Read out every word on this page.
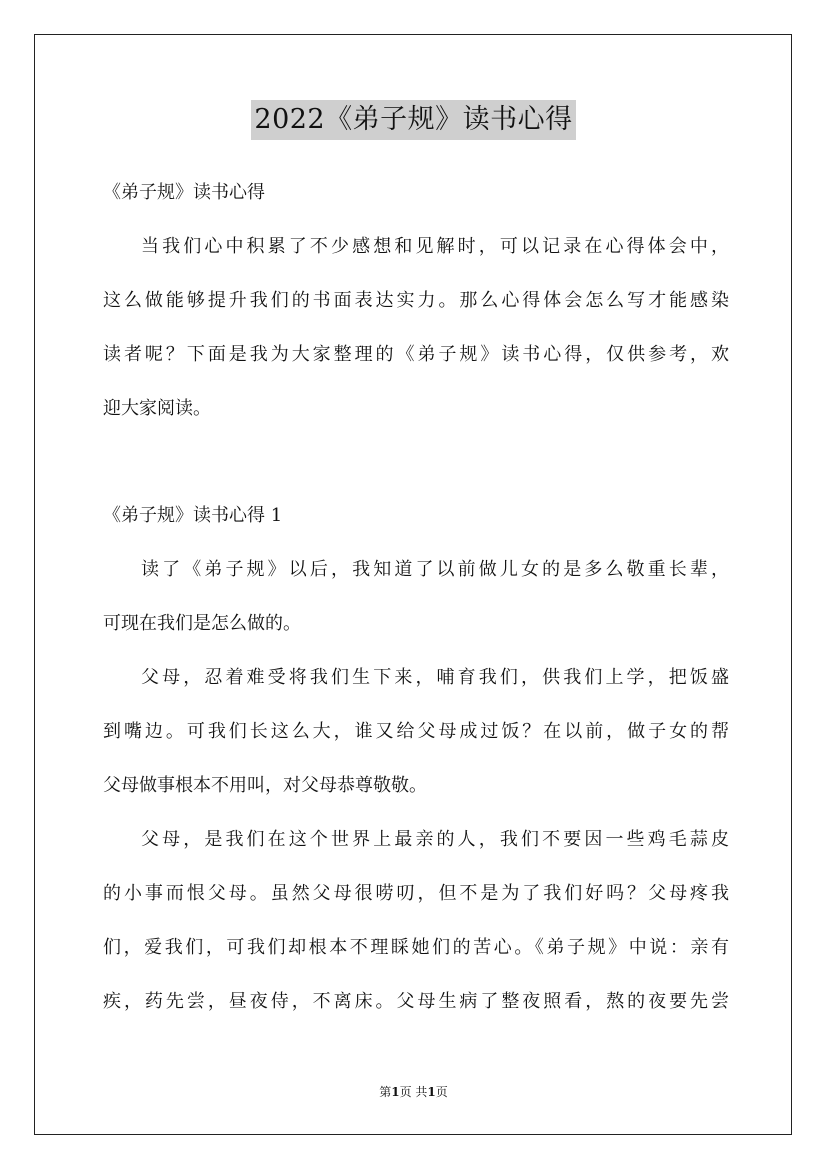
2022《弟子规》读书心得
《弟子规》读书心得
当我们心中积累了不少感想和见解时，可以记录在心得体会中，
这么做能够提升我们的书面表达实力。那么心得体会怎么写才能感染
读者呢？下面是我为大家整理的《弟子规》读书心得，仅供参考，欢
迎大家阅读。
《弟子规》读书心得 1
读了《弟子规》以后，我知道了以前做儿女的是多么敬重长辈，
可现在我们是怎么做的。
父母，忍着难受将我们生下来，哺育我们，供我们上学，把饭盛
到嘴边。可我们长这么大，谁又给父母成过饭？在以前，做子女的帮
父母做事根本不用叫，对父母恭尊敬敬。
父母，是我们在这个世界上最亲的人，我们不要因一些鸡毛蒜皮
的小事而恨父母。虽然父母很唠叨，但不是为了我们好吗？父母疼我
们，爱我们，可我们却根本不理睬她们的苦心。《弟子规》中说：亲有
疾，药先尝，昼夜侍，不离床。父母生病了整夜照看，熬的夜要先尝
第1页 共1页
